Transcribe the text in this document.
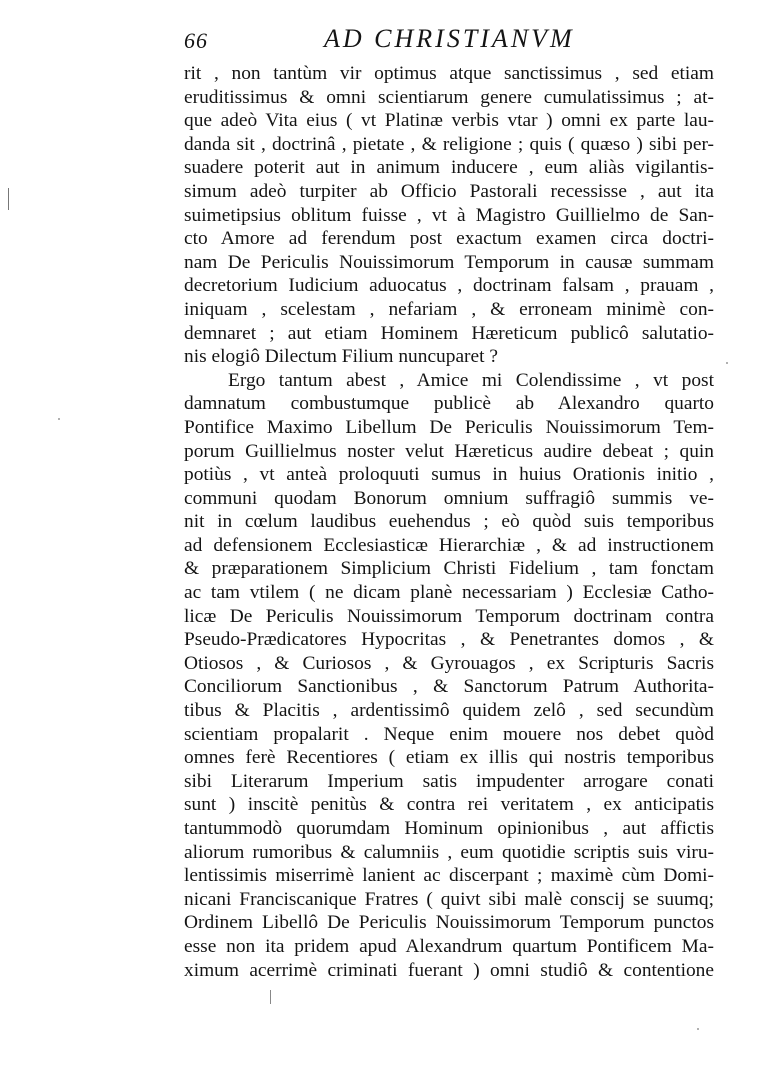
66	AD CHRISTIANVM
rit , non tantùm vir optimus atque sanctissimus , sed etiam
eruditissimus & omni scientiarum genere cumulatissimus ; at-
que adeò Vita eius ( vt Platinæ verbis vtar ) omni ex parte lau-
danda sit , doctrinâ , pietate , & religione ; quis ( quæso ) sibi per-
suadere poterit aut in animum inducere , eum aliàs vigilantis-
simum adeò turpiter ab Officio Pastorali recessisse , aut ita
suimetipsius oblitum fuisse , vt à Magistro Guillielmo de San-
cto Amore ad ferendum post exactum examen circa doctri-
nam De Periculis Nouissimorum Temporum in causæ summam
decretorium Iudicium aduocatus , doctrinam falsam , prauam ,
iniquam , scelestam , nefariam , & erroneam minimè con-
demnaret ; aut etiam Hominem Hæreticum publicô salutatio-
nis elogiô Dilectum Filium nuncuparet ?
Ergo tantum abest , Amice mi Colendissime , vt post
damnatum combustumque publicè ab Alexandro quarto
Pontifice Maximo Libellum De Periculis Nouissimorum Tem-
porum Guillielmus noster velut Hæreticus audire debeat ; quin
potiùs , vt anteà proloquuti sumus in huius Orationis initio ,
communi quodam Bonorum omnium suffragiô summis ve-
nit in cœlum laudibus euehendus ; eò quòd suis temporibus
ad defensionem Ecclesiasticæ Hierarchiæ , & ad instructionem
& præparationem Simplicium Christi Fidelium , tam fonctam
ac tam vtilem ( ne dicam planè necessariam ) Ecclesiæ Catho-
licæ De Periculis Nouissimorum Temporum doctrinam contra
Pseudo-Prædicatores Hypocritas , & Penetrantes domos , &
Otiosos , & Curiosos , & Gyrouagos , ex Scripturis Sacris
Conciliorum Sanctionibus , & Sanctorum Patrum Authorita-
tibus & Placitis , ardentissimô quidem zelô , sed secundùm
scientiam propalarit . Neque enim mouere nos debet quòd
omnes ferè Recentiores ( etiam ex illis qui nostris temporibus
sibi Literarum Imperium satis impudenter arrogare conati
sunt ) inscitè penitùs & contra rei veritatem , ex anticipatis
tantummodò quorumdam Hominum opinionibus , aut affictis
aliorum rumoribus & calumniis , eum quotidie scriptis suis viru-
lentissimis miserrimè lanient ac discerpant ; maximè cùm Domi-
nicani Franciscanique Fratres ( quivt sibi malè conscij se suumq;
Ordinem Libellô De Periculis Nouissimorum Temporum punctos
esse non ita pridem apud Alexandrum quartum Pontificem Ma-
ximum acerrimè criminati fuerant ) omni studiô & contentione
